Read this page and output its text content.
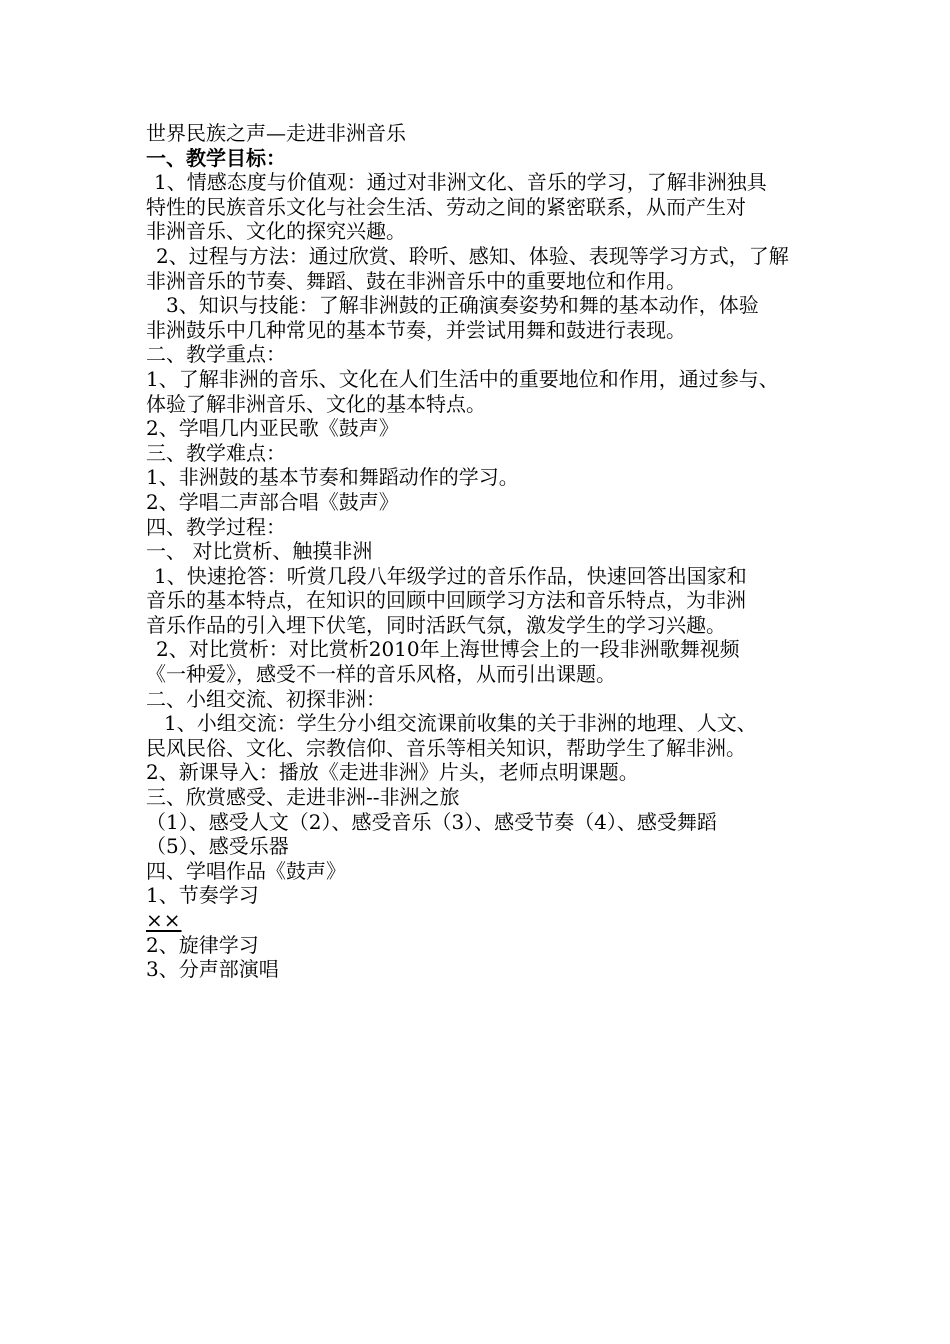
世界民族之声—走进非洲音乐
一、教学目标：
1、情感态度与价值观：通过对非洲文化、音乐的学习，了解非洲独具
特性的民族音乐文化与社会生活、劳动之间的紧密联系，从而产生对
非洲音乐、文化的探究兴趣。
2、过程与方法：通过欣赏、聆听、感知、体验、表现等学习方式，了解
非洲音乐的节奏、舞蹈、鼓在非洲音乐中的重要地位和作用。
3、知识与技能：了解非洲鼓的正确演奏姿势和舞的基本动作，体验
非洲鼓乐中几种常见的基本节奏，并尝试用舞和鼓进行表现。
二、教学重点：
1、了解非洲的音乐、文化在人们生活中的重要地位和作用，通过参与、
体验了解非洲音乐、文化的基本特点。
2、学唱几内亚民歌《鼓声》
三、教学难点：
1、非洲鼓的基本节奏和舞蹈动作的学习。
2、学唱二声部合唱《鼓声》
四、教学过程：
一、 对比赏析、触摸非洲
1、快速抢答：听赏几段八年级学过的音乐作品，快速回答出国家和
音乐的基本特点，在知识的回顾中回顾学习方法和音乐特点，为非洲
音乐作品的引入埋下伏笔，同时活跃气氛，激发学生的学习兴趣。
2、对比赏析：对比赏析2010年上海世博会上的一段非洲歌舞视频
《一种爱》，感受不一样的音乐风格，从而引出课题。
二、小组交流、初探非洲：
1、小组交流：学生分小组交流课前收集的关于非洲的地理、人文、
民风民俗、文化、宗教信仰、音乐等相关知识，帮助学生了解非洲。
2、新课导入：播放《走进非洲》片头，老师点明课题。
三、欣赏感受、走进非洲--非洲之旅
（1）、感受人文（2）、感受音乐（3）、感受节奏（4）、感受舞蹈
（5）、感受乐器
四、学唱作品《鼓声》
1、节奏学习
××
2、旋律学习
3、分声部演唱
